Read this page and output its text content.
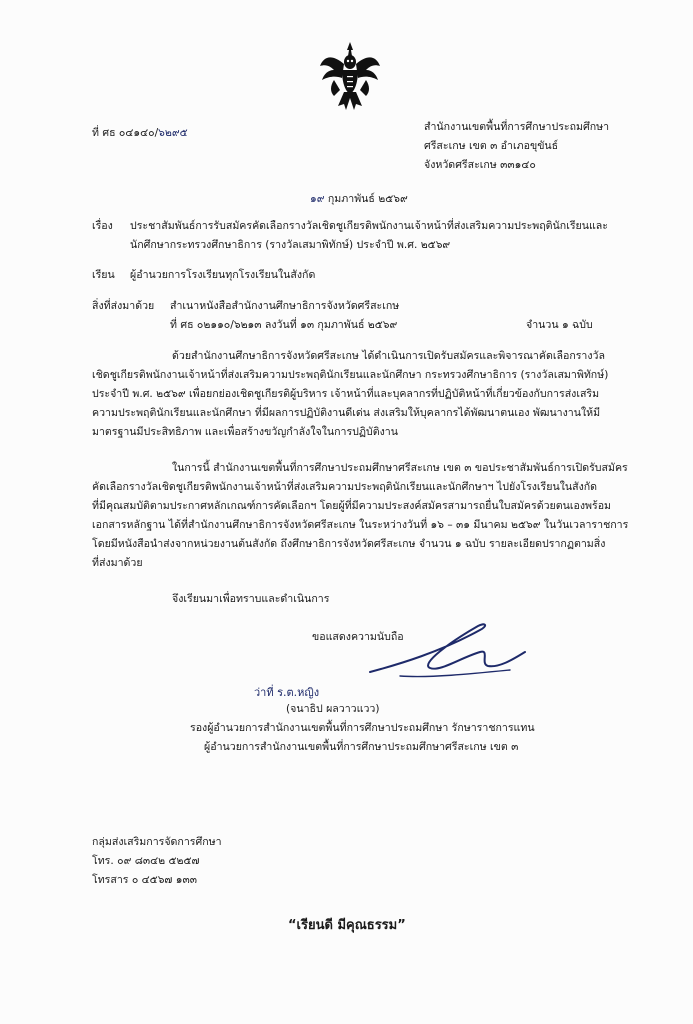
ที่ ศธ ๐๔๑๔๐/๖๒๙๕	สำนักงานเขตพื้นที่การศึกษาประถมศึกษา
ศรีสะเกษ เขต ๓ อำเภอขุขันธ์
จังหวัดศรีสะเกษ ๓๓๑๔๐
๑๙ กุมภาพันธ์ ๒๕๖๙
เรื่อง ประชาสัมพันธ์การรับสมัครคัดเลือกรางวัลเชิดชูเกียรติพนักงานเจ้าหน้าที่ส่งเสริมความประพฤตินักเรียนและ
นักศึกษากระทรวงศึกษาธิการ (รางวัลเสมาพิทักษ์) ประจำปี พ.ศ. ๒๕๖๙
เรียน ผู้อำนวยการโรงเรียนทุกโรงเรียนในสังกัด
สิ่งที่ส่งมาด้วย สำเนาหนังสือสำนักงานศึกษาธิการจังหวัดศรีสะเกษ
ที่ ศธ ๐๒๑๑๐/๖๒๑๓ ลงวันที่ ๑๓ กุมภาพันธ์ ๒๕๖๙	จำนวน ๑ ฉบับ
ด้วยสำนักงานศึกษาธิการจังหวัดศรีสะเกษ ได้ดำเนินการเปิดรับสมัครและพิจารณาคัดเลือกรางวัล
เชิดชูเกียรติพนักงานเจ้าหน้าที่ส่งเสริมความประพฤตินักเรียนและนักศึกษา กระทรวงศึกษาธิการ (รางวัลเสมาพิทักษ์)
ประจำปี พ.ศ. ๒๕๖๙ เพื่อยกย่องเชิดชูเกียรติผู้บริหาร เจ้าหน้าที่และบุคลากรที่ปฏิบัติหน้าที่เกี่ยวข้องกับการส่งเสริม
ความประพฤตินักเรียนและนักศึกษา ที่มีผลการปฏิบัติงานดีเด่น ส่งเสริมให้บุคลากรได้พัฒนาตนเอง พัฒนางานให้มี
มาตรฐานมีประสิทธิภาพ และเพื่อสร้างขวัญกำลังใจในการปฏิบัติงาน
ในการนี้ สำนักงานเขตพื้นที่การศึกษาประถมศึกษาศรีสะเกษ เขต ๓ ขอประชาสัมพันธ์การเปิดรับสมัคร
คัดเลือกรางวัลเชิดชูเกียรติพนักงานเจ้าหน้าที่ส่งเสริมความประพฤตินักเรียนและนักศึกษาฯ ไปยังโรงเรียนในสังกัด
ที่มีคุณสมบัติตามประกาศหลักเกณฑ์การคัดเลือกฯ โดยผู้ที่มีความประสงค์สมัครสามารถยื่นใบสมัครด้วยตนเองพร้อม
เอกสารหลักฐาน ได้ที่สำนักงานศึกษาธิการจังหวัดศรีสะเกษ ในระหว่างวันที่ ๑๖ – ๓๑ มีนาคม ๒๕๖๙ ในวันเวลาราชการ
โดยมีหนังสือนำส่งจากหน่วยงานต้นสังกัด ถึงศึกษาธิการจังหวัดศรีสะเกษ จำนวน ๑ ฉบับ รายละเอียดปรากฏตามสิ่ง
ที่ส่งมาด้วย
จึงเรียนมาเพื่อทราบและดำเนินการ
ขอแสดงความนับถือ
ว่าที่ ร.ต.หญิง
(จนาธิป ผลวาวแวว)
รองผู้อำนวยการสำนักงานเขตพื้นที่การศึกษาประถมศึกษา รักษาราชการแทน
ผู้อำนวยการสำนักงานเขตพื้นที่การศึกษาประถมศึกษาศรีสะเกษ เขต ๓
กลุ่มส่งเสริมการจัดการศึกษา
โทร. ๐๙ ๘๓๔๒ ๕๒๕๗
โทรสาร ๐ ๔๕๖๗ ๑๓๓
“เรียนดี มีคุณธรรม”
